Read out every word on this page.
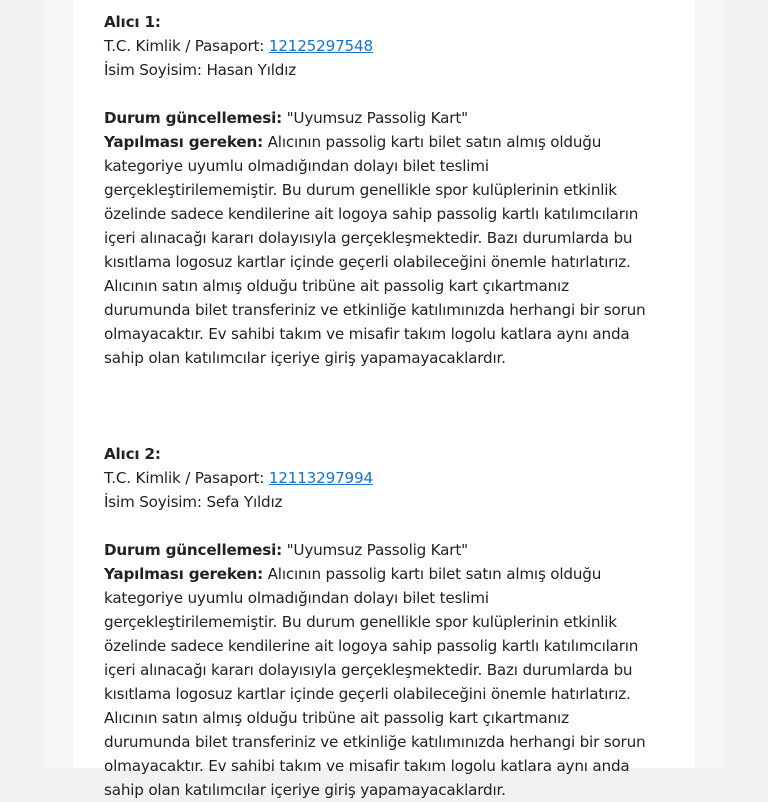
Alıcı 1:
T.C. Kimlik / Pasaport: 12125297548
İsim Soyisim: Hasan Yıldız
Durum güncellemesi: "Uyumsuz Passolig Kart"
Yapılması gereken: Alıcının passolig kartı bilet satın almış olduğu
kategoriye uyumlu olmadığından dolayı bilet teslimi
gerçekleştirilememiştir. Bu durum genellikle spor kulüplerinin etkinlik
özelinde sadece kendilerine ait logoya sahip passolig kartlı katılımcıların
içeri alınacağı kararı dolayısıyla gerçekleşmektedir. Bazı durumlarda bu
kısıtlama logosuz kartlar içinde geçerli olabileceğini önemle hatırlatırız.
Alıcının satın almış olduğu tribüne ait passolig kart çıkartmanız
durumunda bilet transferiniz ve etkinliğe katılımınızda herhangi bir sorun
olmayacaktır. Ev sahibi takım ve misafir takım logolu katlara aynı anda
sahip olan katılımcılar içeriye giriş yapamayacaklardır.
Alıcı 2:
T.C. Kimlik / Pasaport: 12113297994
İsim Soyisim: Sefa Yıldız
Durum güncellemesi: "Uyumsuz Passolig Kart"
Yapılması gereken: Alıcının passolig kartı bilet satın almış olduğu
kategoriye uyumlu olmadığından dolayı bilet teslimi
gerçekleştirilememiştir. Bu durum genellikle spor kulüplerinin etkinlik
özelinde sadece kendilerine ait logoya sahip passolig kartlı katılımcıların
içeri alınacağı kararı dolayısıyla gerçekleşmektedir. Bazı durumlarda bu
kısıtlama logosuz kartlar içinde geçerli olabileceğini önemle hatırlatırız.
Alıcının satın almış olduğu tribüne ait passolig kart çıkartmanız
durumunda bilet transferiniz ve etkinliğe katılımınızda herhangi bir sorun
olmayacaktır. Ev sahibi takım ve misafir takım logolu katlara aynı anda
sahip olan katılımcılar içeriye giriş yapamayacaklardır.
